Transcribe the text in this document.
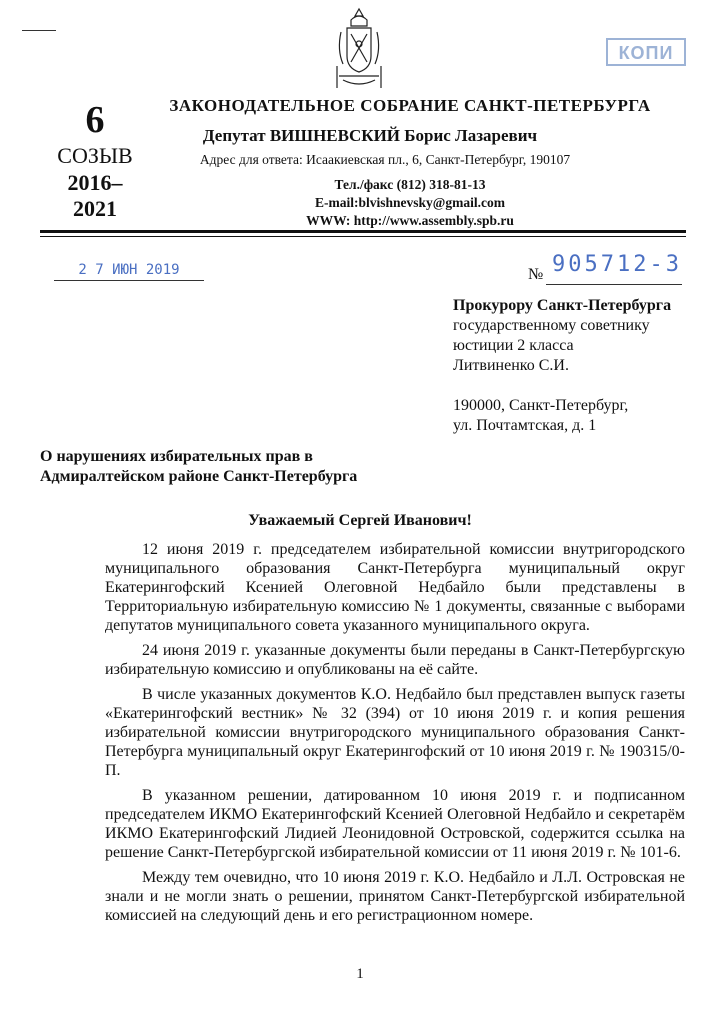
КОПИ
6
СОЗЫВ
2016–
2021
ЗАКОНОДАТЕЛЬНОЕ СОБРАНИЕ САНКТ-ПЕТЕРБУРГА
Депутат ВИШНЕВСКИЙ Борис Лазаревич
Адрес для ответа: Исаакиевская пл., 6, Санкт-Петербург, 190107
Тел./факс (812) 318-81-13
E-mail:blvishnevsky@gmail.com
WWW: http://www.assembly.spb.ru
2 7 ИЮН 2019	905712-3
№
Прокурору Санкт-Петербурга
государственному советнику
юстиции 2 класса
Литвиненко С.И.
190000, Санкт-Петербург,
ул. Почтамтская, д. 1
О нарушениях избирательных прав в
Адмиралтейском районе Санкт-Петербурга
Уважаемый Сергей Иванович!

12 июня 2019 г. председателем избирательной комиссии внутригородского муниципального образования Санкт-Петербурга муниципальный округ Екатерингофский Ксенией Олеговной Недбайло были представлены в Территориальную избирательную комиссию № 1 документы, связанные с выборами депутатов муниципального совета указанного муниципального округа.

24 июня 2019 г. указанные документы были переданы в Санкт-Петербургскую избирательную комиссию и опубликованы на её сайте.

В числе указанных документов К.О. Недбайло был представлен выпуск газеты «Екатерингофский вестник» № 32 (394) от 10 июня 2019 г. и копия решения избирательной комиссии внутригородского муниципального образования Санкт-Петербурга муниципальный округ Екатерингофский от 10 июня 2019 г. № 190315/0-П.

В указанном решении, датированном 10 июня 2019 г. и подписанном председателем ИКМО Екатерингофский Ксенией Олеговной Недбайло и секретарём ИКМО Екатерингофский Лидией Леонидовной Островской, содержится ссылка на решение Санкт-Петербургской избирательной комиссии от 11 июня 2019 г. № 101-6.

Между тем очевидно, что 10 июня 2019 г. К.О. Недбайло и Л.Л. Островская не знали и не могли знать о решении, принятом Санкт-Петербургской избирательной комиссией на следующий день и его регистрационном номере.

1
